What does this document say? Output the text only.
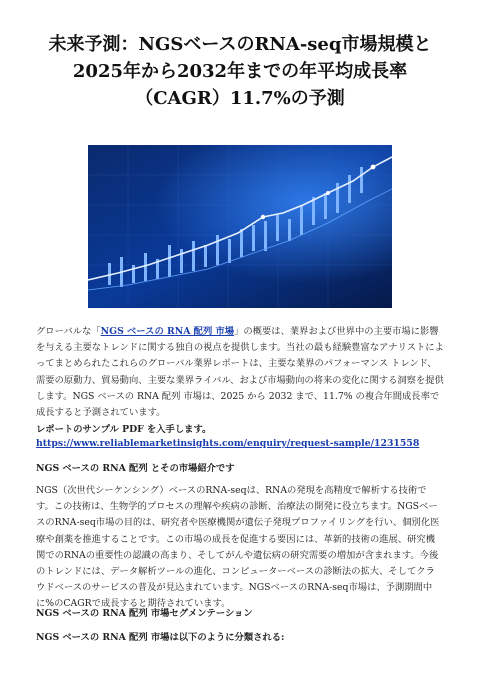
未来予測：NGSベースのRNA-seq市場規模と
2025年から2032年までの年平均成長率
（CAGR）11.7%の予測

グローバルな「NGS ベースの RNA 配列 市場」の概要は、業界および世界中の主要市場に影響を与える主要なトレンドに関する独自の視点を提供します。当社の最も経験豊富なアナリストによってまとめられたこれらのグローバル業界レポートは、主要な業界のパフォーマンス トレンド、需要の原動力、貿易動向、主要な業界ライバル、および市場動向の将来の変化に関する洞察を提供します。NGS ベースの RNA 配列 市場は、2025 から 2032 まで、11.7% の複合年間成長率で成長すると予測されています。

レポートのサンプル PDF を入手します。

https://www.reliablemarketinsights.com/enquiry/request-sample/1231558

NGS ベースの RNA 配列 とその市場紹介です

NGS（次世代シーケンシング）ベースのRNA-seqは、RNAの発現を高精度で解析する技術です。この技術は、生物学的プロセスの理解や疾病の診断、治療法の開発に役立ちます。NGSベースのRNA-seq市場の目的は、研究者や医療機関が遺伝子発現プロファイリングを行い、個別化医療や創薬を推進することです。この市場の成長を促進する要因には、革新的技術の進展、研究機関でのRNAの重要性の認識の高まり、そしてがんや遺伝病の研究需要の増加が含まれます。今後のトレンドには、データ解析ツールの進化、コンピューターベースの診断法の拡大、そしてクラウドベースのサービスの普及が見込まれています。NGSベースのRNA-seq市場は、予測期間中に%のCAGRで成長すると期待されています。

NGS ベースの RNA 配列 市場セグメンテーション

NGS ベースの RNA 配列 市場は以下のように分類される:
